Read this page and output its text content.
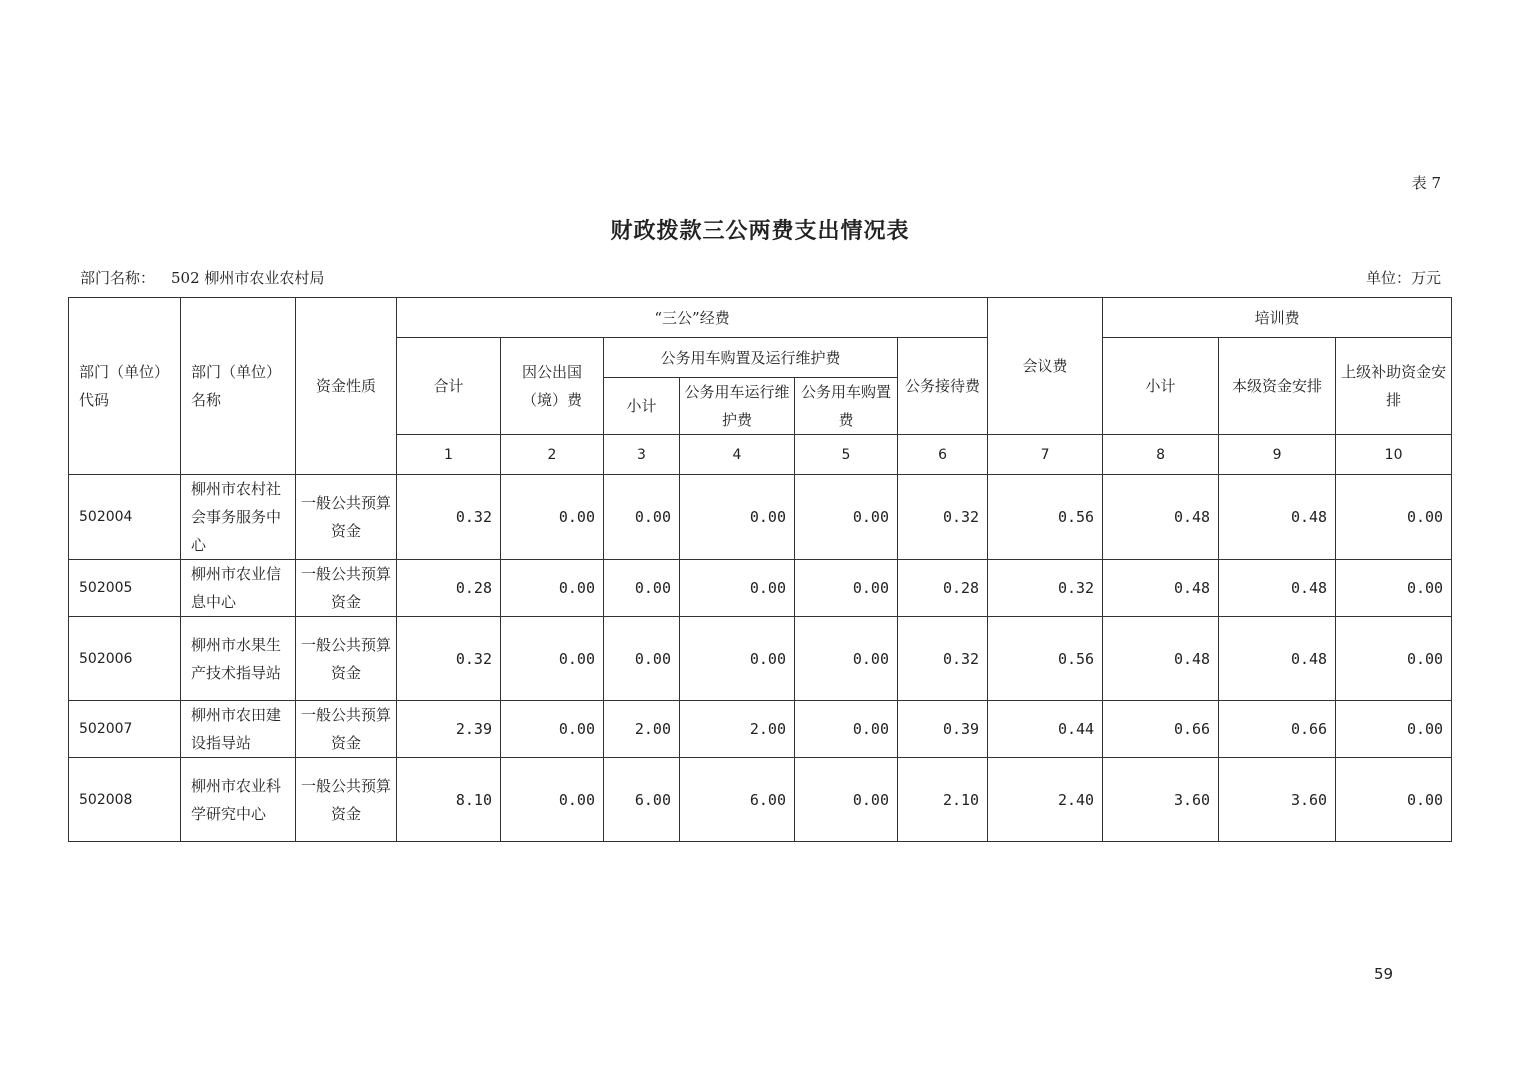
表 7
财政拨款三公两费支出情况表
部门名称： 502 柳州市农业农村局	单位：万元
部门（单位）代码	部门（单位）名称	资金性质	“三公”经费						会议费	培训费		
			合计	因公出国（境）费	公务用车购置及运行维护费			公务接待费		小计	本级资金安排	上级补助资金安排
					小计	公务用车运行维护费	公务用车购置费					
			1	2	3	4	5	6	7	8	9	10
502004	柳州市农村社会事务服务中心	一般公共预算资金	0.32	0.00	0.00	0.00	0.00	0.32	0.56	0.48	0.48	0.00
502005	柳州市农业信息中心	一般公共预算资金	0.28	0.00	0.00	0.00	0.00	0.28	0.32	0.48	0.48	0.00
502006	柳州市水果生产技术指导站	一般公共预算资金	0.32	0.00	0.00	0.00	0.00	0.32	0.56	0.48	0.48	0.00
502007	柳州市农田建设指导站	一般公共预算资金	2.39	0.00	2.00	2.00	0.00	0.39	0.44	0.66	0.66	0.00
502008	柳州市农业科学研究中心	一般公共预算资金	8.10	0.00	6.00	6.00	0.00	2.10	2.40	3.60	3.60	0.00
59
